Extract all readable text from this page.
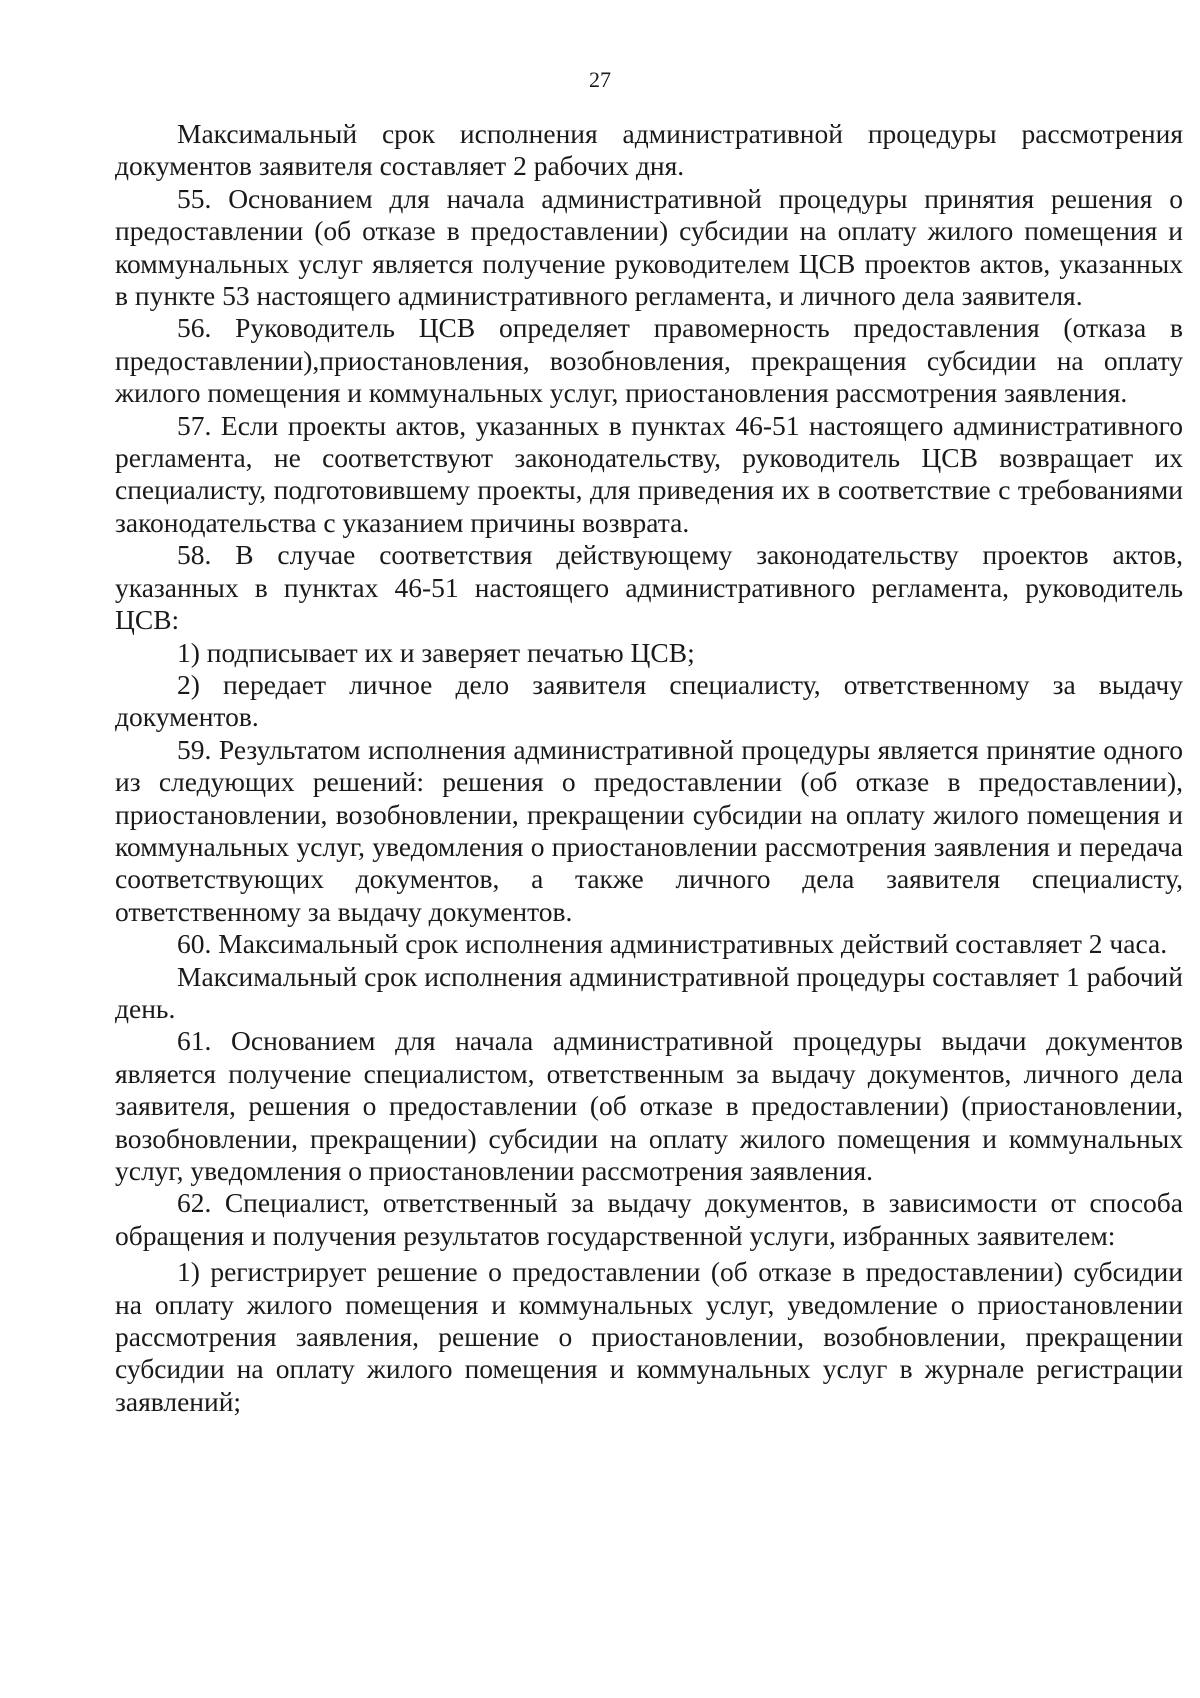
27

Максимальный срок исполнения административной процедуры рассмотрения документов заявителя составляет 2 рабочих дня.

55. Основанием для начала административной процедуры принятия решения о предоставлении (об отказе в предоставлении) субсидии на оплату жилого помещения и коммунальных услуг является получение руководителем ЦСВ проектов актов, указанных в пункте 53 настоящего административного регламента, и личного дела заявителя.

56. Руководитель ЦСВ определяет правомерность предоставления (отказа в предоставлении),приостановления, возобновления, прекращения субсидии на оплату жилого помещения и коммунальных услуг, приостановления рассмотрения заявления.

57. Если проекты актов, указанных в пунктах 46-51 настоящего административного регламента, не соответствуют законодательству, руководитель ЦСВ возвращает их специалисту, подготовившему проекты, для приведения их в соответствие с требованиями законодательства с указанием причины возврата.

58. В случае соответствия действующему законодательству проектов актов, указанных в пунктах 46-51 настоящего административного регламента, руководитель ЦСВ:

1) подписывает их и заверяет печатью ЦСВ;

2) передает личное дело заявителя специалисту, ответственному за выдачу документов.

59. Результатом исполнения административной процедуры является принятие одного из следующих решений: решения о предоставлении (об отказе в предоставлении), приостановлении, возобновлении, прекращении субсидии на оплату жилого помещения и коммунальных услуг, уведомления о приостановлении рассмотрения заявления и передача соответствующих документов, а также личного дела заявителя специалисту, ответственному за выдачу документов.

60. Максимальный срок исполнения административных действий составляет 2 часа.

Максимальный срок исполнения административной процедуры составляет 1 рабочий день.

61. Основанием для начала административной процедуры выдачи документов является получение специалистом, ответственным за выдачу документов, личного дела заявителя, решения о предоставлении (об отказе в предоставлении) (приостановлении, возобновлении, прекращении) субсидии на оплату жилого помещения и коммунальных услуг, уведомления о приостановлении рассмотрения заявления.

62. Специалист, ответственный за выдачу документов, в зависимости от способа обращения и получения результатов государственной услуги, избранных заявителем:

1) регистрирует решение о предоставлении (об отказе в предоставлении) субсидии на оплату жилого помещения и коммунальных услуг, уведомление о приостановлении рассмотрения заявления, решение о приостановлении, возобновлении, прекращении субсидии на оплату жилого помещения и коммунальных услуг в журнале регистрации заявлений;
